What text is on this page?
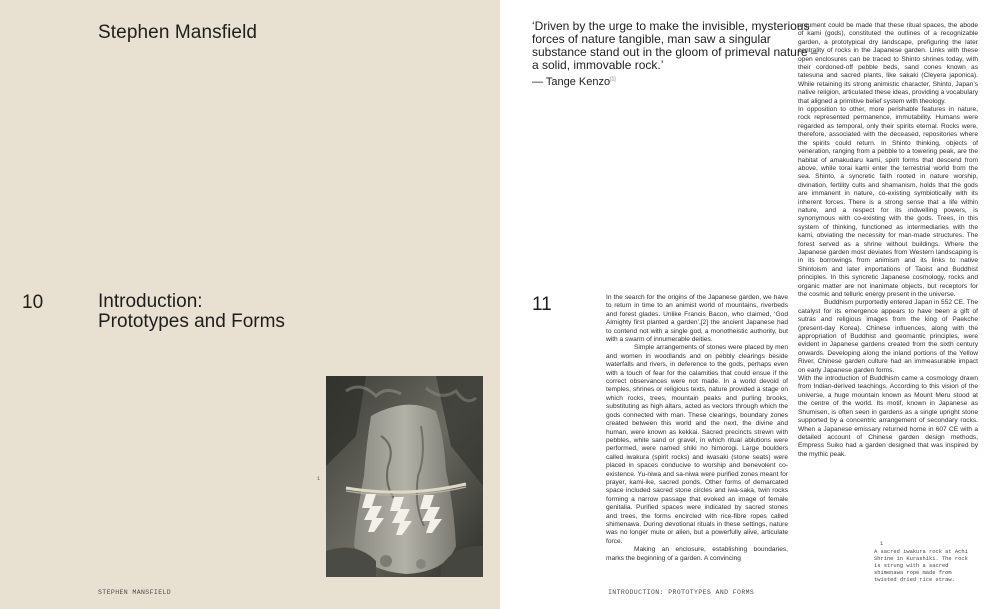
Stephen Mansfield
10	Introduction:
Prototypes and Forms
1
STEPHEN MANSFIELD
‘Driven by the urge to make the invisible, mysterious forces of nature tangible, man saw a singular substance stand out in the gloom of primeval nature – a solid, immovable rock.’
— Tange Kenzo[1]
11

argument could be made that these ritual spaces, the abode of kami (gods), constituted the outlines of a recognizable garden, a prototypical dry landscape, prefiguring the later centrality of rocks in the Japanese garden. Links with these open enclosures can be traced to Shinto shrines today, with their cordoned-off pebble beds, sand cones known as tatesuna and sacred plants, like sakaki (Cleyera japonica). While retaining its strong animistic character, Shinto, Japan’s native religion, articulated these ideas, providing a vocabulary that aligned a primitive belief system with theology.

In opposition to other, more perishable features in nature, rock represented permanence, immutability. Humans were regarded as temporal, only their spirits eternal. Rocks were, therefore, associated with the deceased, repositories where the spirits could return. In Shinto thinking, objects of veneration, ranging from a pebble to a towering peak, are the habitat of amakudaru kami, spirit forms that descend from above, while torai kami enter the terrestrial world from the sea. Shinto, a syncretic faith rooted in nature worship, divination, fertility cults and shamanism, holds that the gods are immanent in nature, co-existing symbiotically with its inherent forces. There is a strong sense that a life within nature, and a respect for its indwelling powers, is synonymous with co-existing with the gods. Trees, in this system of thinking, functioned as intermediaries with the kami, obviating the necessity for man-made structures. The forest served as a shrine without buildings. Where the Japanese garden most deviates from Western landscaping is in its borrowings from animism and its links to native Shintoism and later importations of Taoist and Buddhist principles. In this syncretic Japanese cosmology, rocks and organic matter are not inanimate objects, but receptors for the cosmic and telluric energy present in the universe.

Buddhism purportedly entered Japan in 552 CE. The catalyst for its emergence appears to have been a gift of sutras and religious images from the king of Paekche (present-day Korea). Chinese influences, along with the appropriation of Buddhist and geomantic principles, were evident in Japanese gardens created from the sixth century onwards. Developing along the inland portions of the Yellow River, Chinese garden culture had an immeasurable impact on early Japanese garden forms.

With the introduction of Buddhism came a cosmology drawn from Indian-derived teachings. According to this vision of the universe, a huge mountain known as Mount Meru stood at the centre of the world. Its motif, known in Japanese as Shumisen, is often seen in gardens as a single upright stone supported by a concentric arrangement of secondary rocks. When a Japanese emissary returned home in 607 CE with a detailed account of Chinese garden design methods, Empress Suiko had a garden designed that was inspired by the mythic peak.

In the search for the origins of the Japanese garden, we have to return in time to an animist world of mountains, riverbeds and forest glades. Unlike Francis Bacon, who claimed, ‘God Almighty first planted a garden’,[2] the ancient Japanese had to contend not with a single god, a monotheistic authority, but with a swarm of innumerable deities.

Simple arrangements of stones were placed by men and women in woodlands and on pebbly clearings beside waterfalls and rivers, in deference to the gods, perhaps even with a touch of fear for the calamities that could ensue if the correct observances were not made. In a world devoid of temples, shrines or religious texts, nature provided a stage on which rocks, trees, mountain peaks and purling brooks, substituting as high altars, acted as vectors through which the gods connected with man. These clearings, boundary zones created between this world and the next, the divine and human, were known as kekkai. Sacred precincts strewn with pebbles, white sand or gravel, in which ritual ablutions were performed, were named shiki no himorogi. Large boulders called iwakura (spirit rocks) and iwasaki (stone seats) were placed in spaces conducive to worship and benevolent co-existence. Yu-niwa and sa-niwa were purified zones meant for prayer, kami-ike, sacred ponds. Other forms of demarcated space included sacred stone circles and iwa-saka, twin rocks forming a narrow passage that evoked an image of female genitalia. Purified spaces were indicated by sacred stones and trees, the forms encircled with rice-fibre ropes called shimenawa. During devotional rituals in these settings, nature was no longer mute or alien, but a powerfully alive, articulate force.

Making an enclosure, establishing boundaries, marks the beginning of a garden. A convincing

1
A sacred iwakura rock at Achi Shrine in Kurashiki. The rock is strung with a sacred shimenawa rope made from twisted dried rice straw.
INTRODUCTION: PROTOTYPES AND FORMS
